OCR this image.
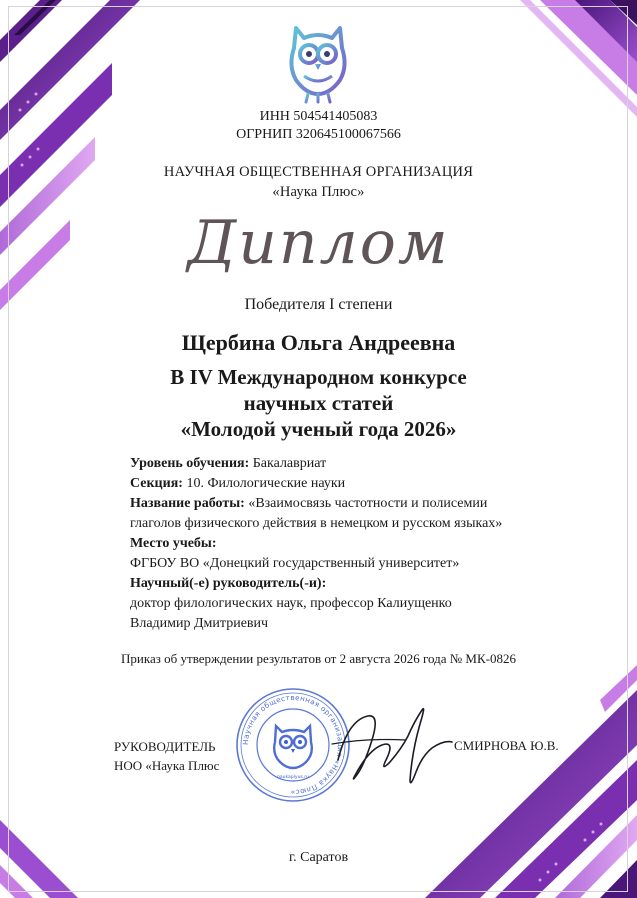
ИНН 504541405083
ОГРНИП 320645100067566
НАУЧНАЯ ОБЩЕСТВЕННАЯ ОРГАНИЗАЦИЯ
«Наука Плюс»
Диплом
Победителя I степени
Щербина Ольга Андреевна
В IV Международном конкурсе
научных статей
«Молодой ученый года 2026»
Уровень обучения: Бакалавриат
Секция: 10. Филологические науки
Название работы: «Взаимосвязь частотности и полисемии
глаголов физического действия в немецком и русском языках»
Место учебы:
ФГБОУ ВО «Донецкий государственный университет»
Научный(-е) руководитель(-и):
доктор филологических наук, профессор Калиущенко
Владимир Дмитриевич
Приказ об утверждении результатов от 2 августа 2026 года № МК-0826
РУКОВОДИТЕЛЬ
НОО «Наука Плюс
Научная общественная организация «Наука Плюс»
naukaplyus.ru
СМИРНОВА Ю.В.
г. Саратов
